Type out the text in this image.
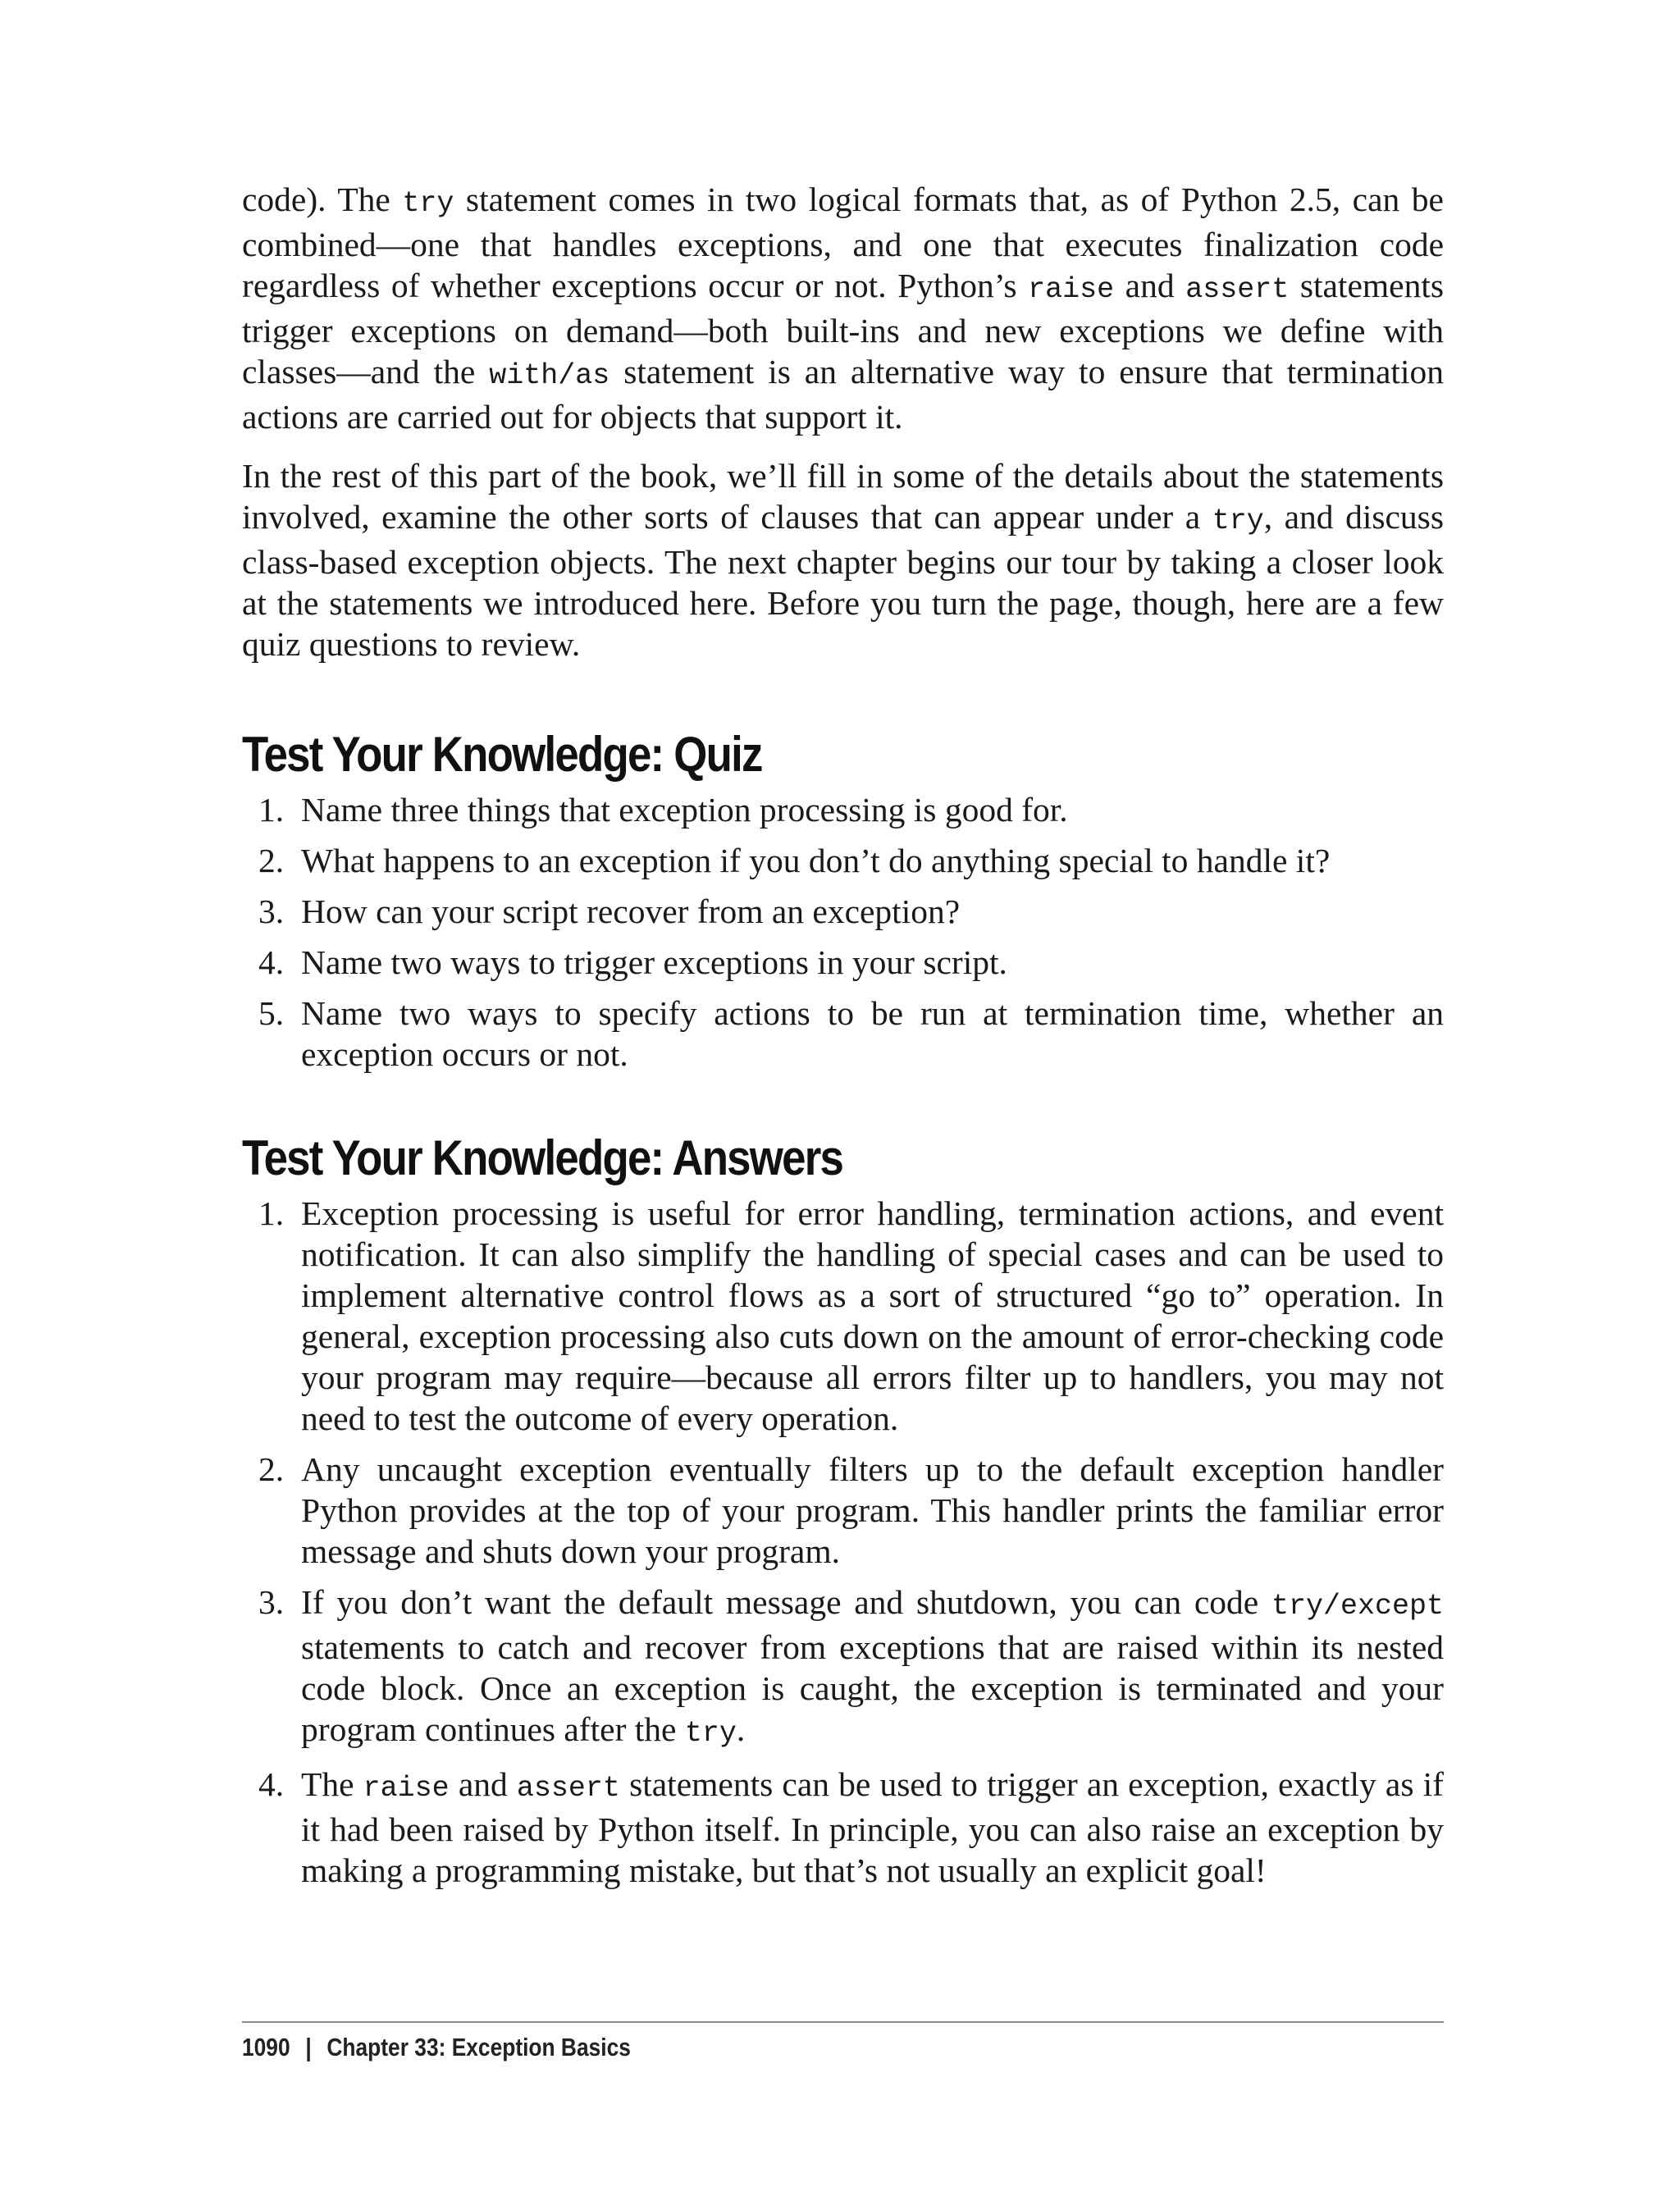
code). The try statement comes in two logical formats that, as of Python 2.5, can be combined—one that handles exceptions, and one that executes finalization code regardless of whether exceptions occur or not. Python’s raise and assert statements trigger exceptions on demand—both built-ins and new exceptions we define with classes—and the with/as statement is an alternative way to ensure that termination actions are carried out for objects that support it.

In the rest of this part of the book, we’ll fill in some of the details about the statements involved, examine the other sorts of clauses that can appear under a try, and discuss class-based exception objects. The next chapter begins our tour by taking a closer look at the statements we introduced here. Before you turn the page, though, here are a few quiz questions to review.

Test Your Knowledge: Quiz
1. Name three things that exception processing is good for.
2. What happens to an exception if you don’t do anything special to handle it?
3. How can your script recover from an exception?
4. Name two ways to trigger exceptions in your script.
5. Name two ways to specify actions to be run at termination time, whether an exception occurs or not.
Test Your Knowledge: Answers
1. Exception processing is useful for error handling, termination actions, and event notification. It can also simplify the handling of special cases and can be used to implement alternative control flows as a sort of structured “go to” operation. In general, exception processing also cuts down on the amount of error-checking code your program may require—because all errors filter up to handlers, you may not need to test the outcome of every operation.
2. Any uncaught exception eventually filters up to the default exception handler Python provides at the top of your program. This handler prints the familiar error message and shuts down your program.
3. If you don’t want the default message and shutdown, you can code try/except statements to catch and recover from exceptions that are raised within its nested code block. Once an exception is caught, the exception is terminated and your program continues after the try.
4. The raise and assert statements can be used to trigger an exception, exactly as if it had been raised by Python itself. In principle, you can also raise an exception by making a programming mistake, but that’s not usually an explicit goal!
1090 | Chapter 33: Exception Basics
